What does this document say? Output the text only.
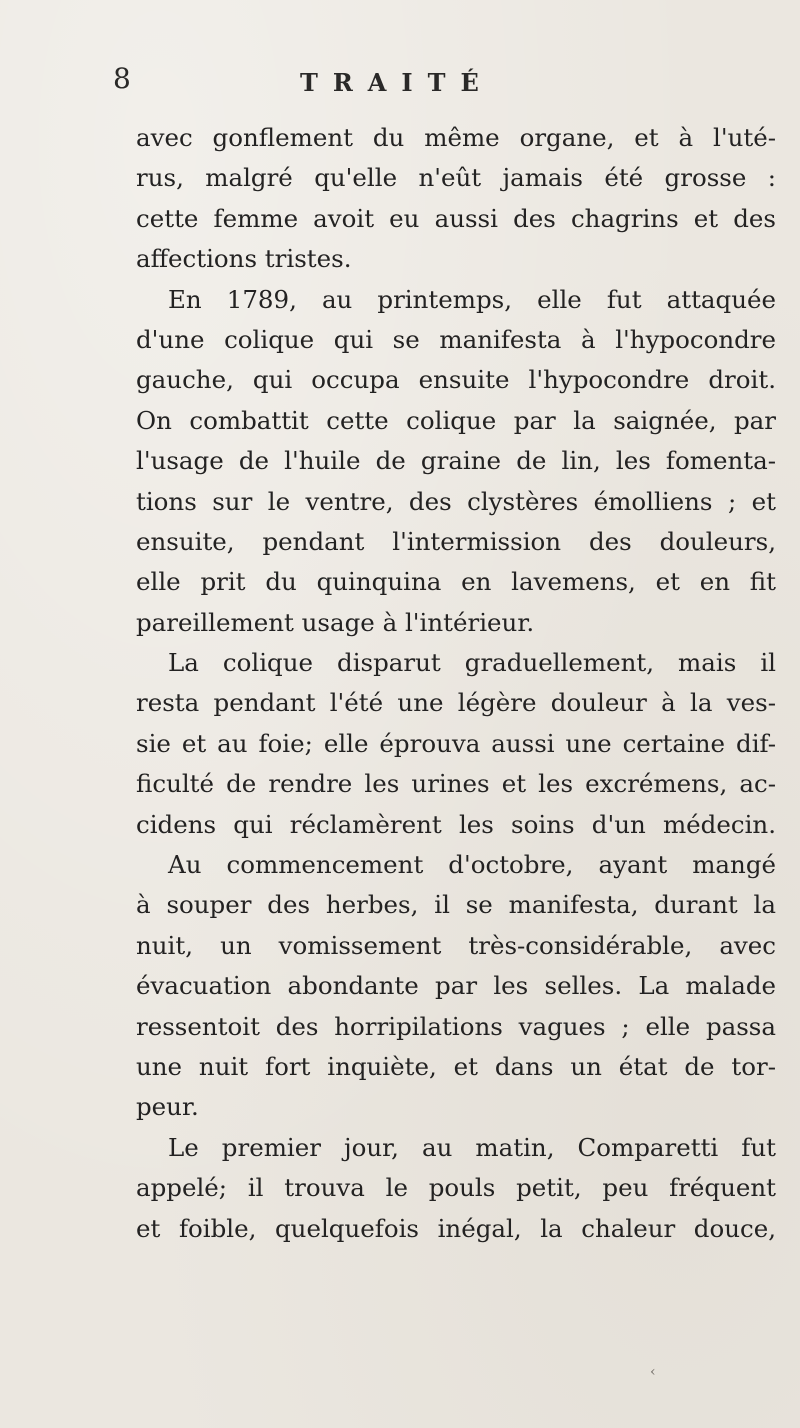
8	TRAITÉ
avec gonflement du même organe, et à l'uté-
rus, malgré qu'elle n'eût jamais été grosse :
cette femme avoit eu aussi des chagrins et des
affections tristes.
En 1789, au printemps, elle fut attaquée
d'une colique qui se manifesta à l'hypocondre
gauche, qui occupa ensuite l'hypocondre droit.
On combattit cette colique par la saignée, par
l'usage de l'huile de graine de lin, les fomenta-
tions sur le ventre, des clystères émolliens ; et
ensuite, pendant l'intermission des douleurs,
elle prit du quinquina en lavemens, et en fit
pareillement usage à l'intérieur.
La colique disparut graduellement, mais il
resta pendant l'été une légère douleur à la ves-
sie et au foie; elle éprouva aussi une certaine dif-
ficulté de rendre les urines et les excrémens, ac-
cidens qui réclamèrent les soins d'un médecin.
Au commencement d'octobre, ayant mangé
à souper des herbes, il se manifesta, durant la
nuit, un vomissement très-considérable, avec
évacuation abondante par les selles. La malade
ressentoit des horripilations vagues ; elle passa
une nuit fort inquiète, et dans un état de tor-
peur.
Le premier jour, au matin, Comparetti fut
appelé; il trouva le pouls petit, peu fréquent
et foible, quelquefois inégal, la chaleur douce,
‹
